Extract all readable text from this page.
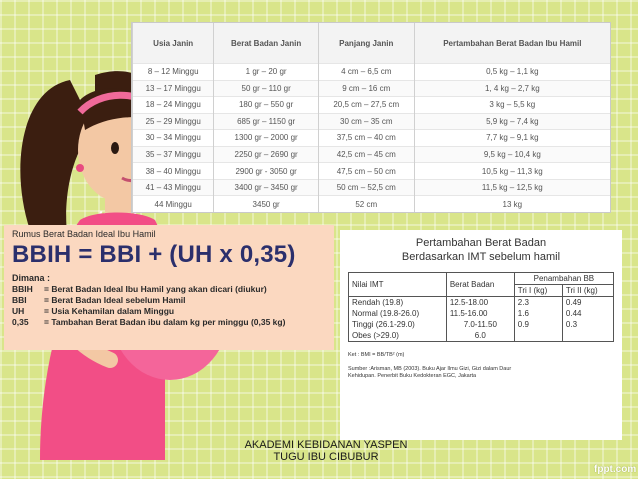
Usia Janin	Berat Badan Janin	Panjang Janin	Pertambahan Berat Badan Ibu Hamil
8 – 12 Minggu	1 gr – 20 gr	4 cm – 6,5 cm	0,5 kg – 1,1 kg
13 – 17 Minggu	50 gr – 110 gr	9 cm – 16 cm	1, 4 kg – 2,7 kg
18 – 24 Minggu	180 gr – 550 gr	20,5 cm – 27,5 cm	3 kg – 5,5 kg
25 – 29 Minggu	685 gr – 1150 gr	30 cm – 35 cm	5,9 kg – 7,4 kg
30 – 34 Minggu	1300 gr – 2000 gr	37,5 cm – 40 cm	7,7 kg – 9,1 kg
35 – 37 Minggu	2250 gr – 2690 gr	42,5 cm – 45 cm	9,5 kg – 10,4 kg
38 – 40 Minggu	2900 gr - 3050 gr	47,5 cm – 50 cm	10,5 kg – 11,3 kg
41 – 43 Minggu	3400 gr – 3450 gr	50 cm – 52,5 cm	11,5 kg – 12,5 kg
44 Minggu	3450 gr	52 cm	13 kg
Rumus Berat Badan Ideal Ibu Hamil
BBIH = BBI + (UH x 0,35)
Dimana :
BBIH	= Berat Badan Ideal Ibu Hamil yang akan dicari (diukur)
BBI	= Berat Badan Ideal sebelum Hamil
UH	= Usia Kehamilan dalam Minggu
0,35	= Tambahan Berat Badan ibu dalam kg per minggu (0,35 kg)
Pertambahan Berat Badan
Berdasarkan IMT sebelum hamil
Nilai IMT	Berat Badan	Penambahan BB	
		Tri I (kg)	Tri II (kg)
Rendah (19.8)	12.5-18.00	2.3	0.49
Normal (19.8-26.0)	11.5-16.00	1.6	0.44
Tinggi (26.1-29.0)	7.0-11.50	0.9	0.3
Obes (>29.0)	6.0		
Ket : BMI = BB/TB² (m)
Sumber :Arisman, MB (2003). Buku Ajar Ilmu Gizi, Gizi dalam Daur
Kehidupan. Penerbit Buku Kedokteran EGC, Jakarta
AKADEMI KEBIDANAN YASPEN
TUGU IBU CIBUBUR
fppt.com
